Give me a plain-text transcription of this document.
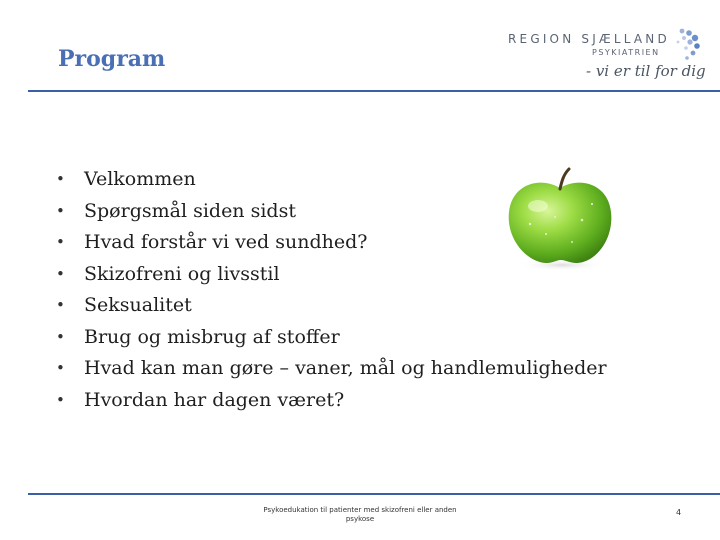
Program
REGION SJÆLLAND
PSYKIATRIEN
- vi er til for dig
• Velkommen
• Spørgsmål siden sidst
• Hvad forstår vi ved sundhed?
• Skizofreni og livsstil
• Seksualitet
• Brug og misbrug af stoffer
• Hvad kan man gøre – vaner, mål og handlemuligheder
• Hvordan har dagen været?
Psykoedukation til patienter med skizofreni eller anden
psykose
4
